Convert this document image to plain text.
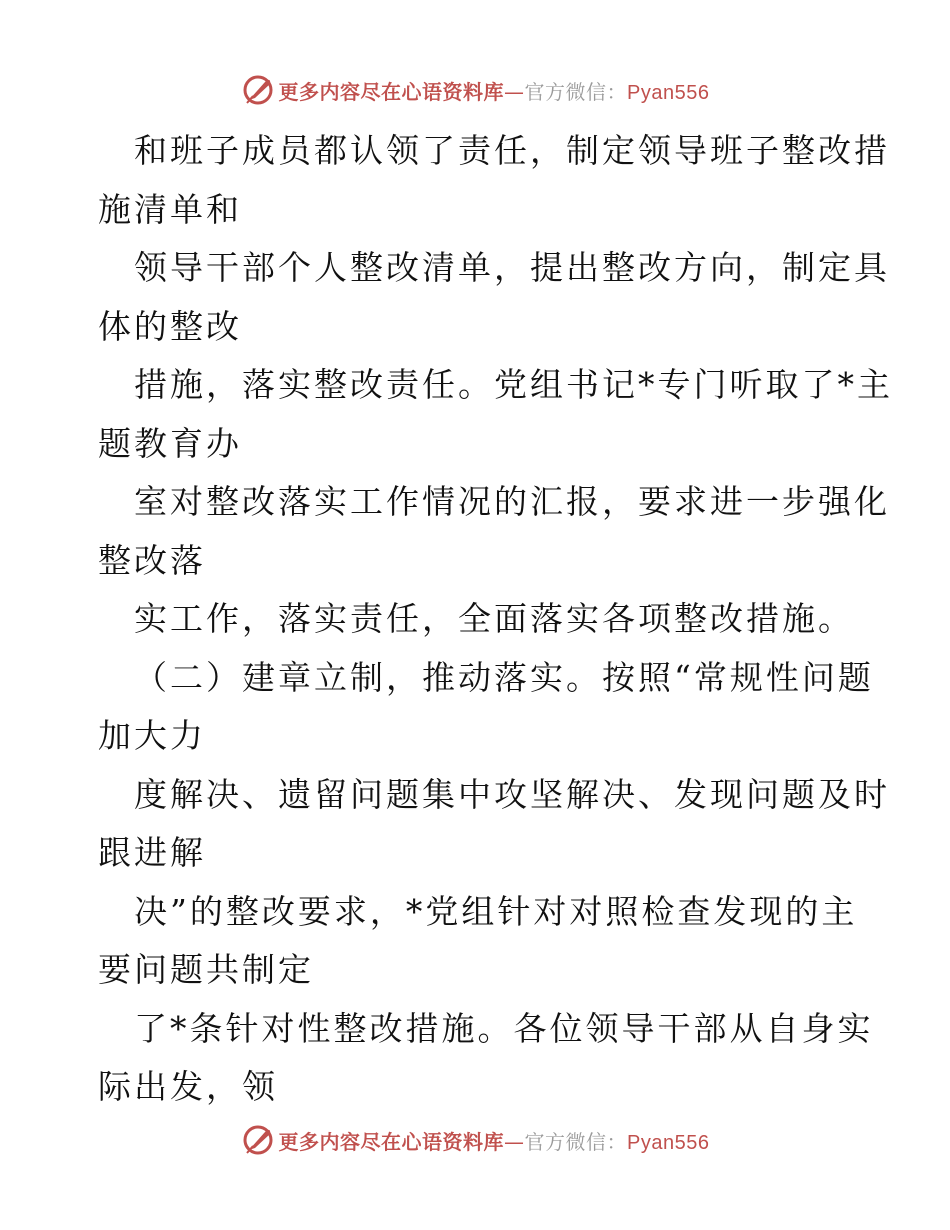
更多内容尽在心语资料库—官方微信：Pyan556
和班子成员都认领了责任，制定领导班子整改措
施清单和
领导干部个人整改清单，提出整改方向，制定具
体的整改
措施，落实整改责任。党组书记*专门听取了*主
题教育办
室对整改落实工作情况的汇报，要求进一步强化
整改落
实工作，落实责任，全面落实各项整改措施。
（二）建章立制，推动落实。按照“常规性问题
加大力
度解决、遗留问题集中攻坚解决、发现问题及时
跟进解
决”的整改要求，*党组针对对照检查发现的主
要问题共制定
了*条针对性整改措施。各位领导干部从自身实
际出发，领
更多内容尽在心语资料库—官方微信：Pyan556
